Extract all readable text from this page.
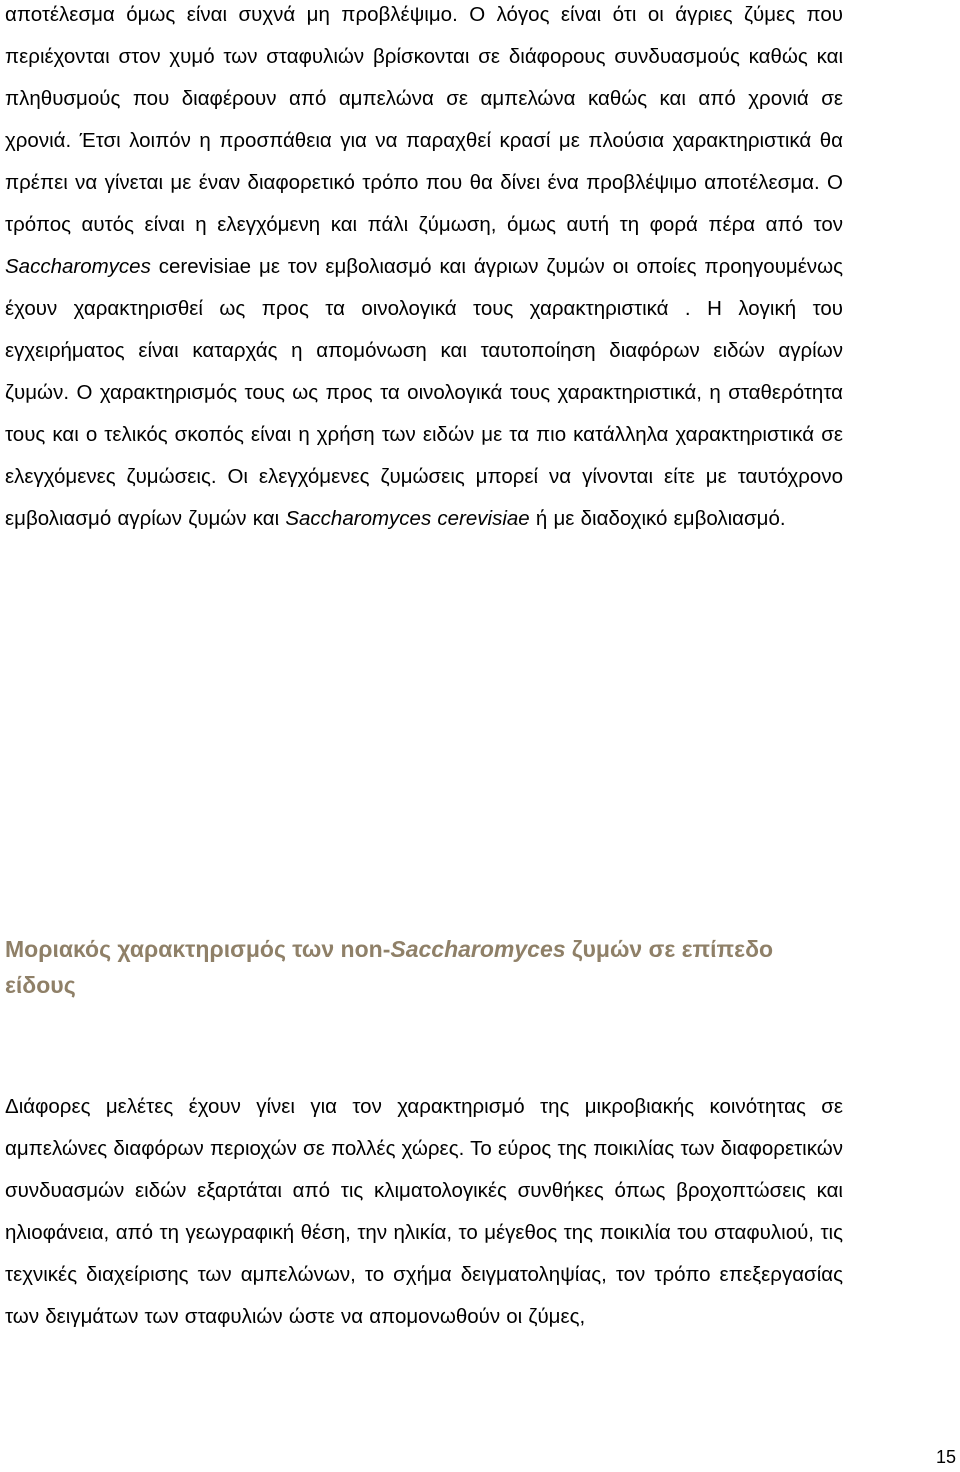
αποτέλεσμα όμως είναι συχνά μη προβλέψιμο. Ο λόγος είναι ότι οι άγριες ζύμες που περιέχονται στον χυμό των σταφυλιών βρίσκονται σε διάφορους συνδυασμούς καθώς και πληθυσμούς που διαφέρουν από αμπελώνα σε αμπελώνα καθώς και από χρονιά σε χρονιά. Έτσι λοιπόν η προσπάθεια για να παραχθεί κρασί με πλούσια χαρακτηριστικά θα πρέπει να γίνεται με έναν διαφορετικό τρόπο που θα δίνει ένα προβλέψιμο αποτέλεσμα. Ο τρόπος αυτός είναι η ελεγχόμενη και πάλι ζύμωση, όμως αυτή τη φορά πέρα από τον Saccharomyces cerevisiae με τον εμβολιασμό και άγριων ζυμών οι οποίες προηγουμένως έχουν χαρακτηρισθεί ως προς τα οινολογικά τους χαρακτηριστικά . Η λογική του εγχειρήματος είναι καταρχάς η απομόνωση και ταυτοποίηση διαφόρων ειδών αγρίων ζυμών. Ο χαρακτηρισμός τους ως προς τα οινολογικά τους χαρακτηριστικά, η σταθερότητα τους και ο τελικός σκοπός είναι η χρήση των ειδών με τα πιο κατάλληλα χαρακτηριστικά σε ελεγχόμενες ζυμώσεις. Οι ελεγχόμενες ζυμώσεις μπορεί να γίνονται είτε με ταυτόχρονο εμβολιασμό αγρίων ζυμών και Saccharomyces cerevisiae ή με διαδοχικό εμβολιασμό.

Μοριακός χαρακτηρισμός των non-Saccharomyces ζυμών σε επίπεδο είδους

Διάφορες μελέτες έχουν γίνει για τον χαρακτηρισμό της μικροβιακής κοινότητας σε αμπελώνες διαφόρων περιοχών σε πολλές χώρες. Το εύρος της ποικιλίας των διαφορετικών συνδυασμών ειδών εξαρτάται από τις κλιματολογικές συνθήκες όπως βροχοπτώσεις και ηλιοφάνεια, από τη γεωγραφική θέση, την ηλικία, το μέγεθος της ποικιλία του σταφυλιού, τις τεχνικές διαχείρισης των αμπελώνων, το σχήμα δειγματοληψίας, τον τρόπο επεξεργασίας των δειγμάτων των σταφυλιών ώστε να απομονωθούν οι ζύμες,

15
